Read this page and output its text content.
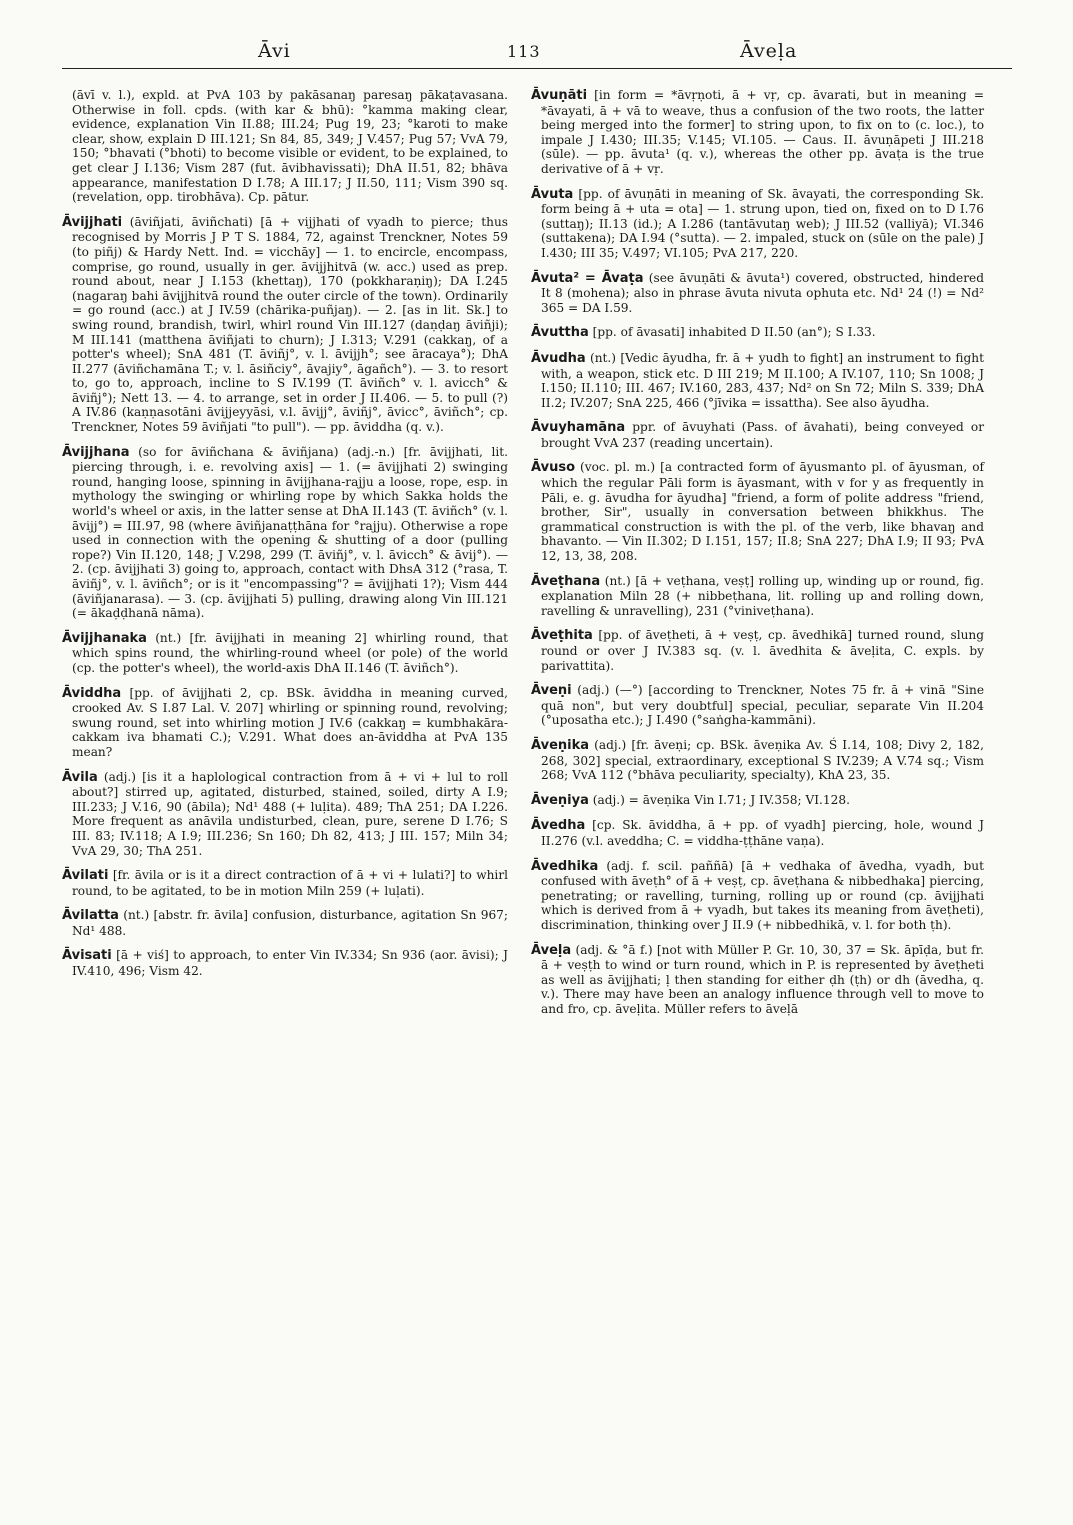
Āvi	113	Āveḷa

(āvī v. l.), expld. at PvA 103 by pakāsanaŋ paresaŋ pākaṭavasana. Otherwise in foll. cpds. (with kar & bhū): °kamma making clear, evidence, explanation Vin II.88; III.24; Pug 19, 23; °karoti to make clear, show, explain D III.121; Sn 84, 85, 349; J V.457; Pug 57; VvA 79, 150; °bhavati (°bhoti) to become visible or evident, to be explained, to get clear J I.136; Vism 287 (fut. āvibhavissati); DhA II.51, 82; bhāva appearance, manifestation D I.78; A III.17; J II.50, 111; Vism 390 sq. (revelation, opp. tirobhāva). Cp. pātur.

Āvijjhati (āviñjati, āviñchati) [ā + vijjhati of vyadh to pierce; thus recognised by Morris J P T S. 1884, 72, against Trenckner, Notes 59 (to piñj) & Hardy Nett. Ind. = vicchāy] — 1. to encircle, encompass, comprise, go round, usually in ger. āvijjhitvā (w. acc.) used as prep. round about, near J I.153 (khettaŋ), 170 (pokkharaṇiŋ); DA I.245 (nagaraŋ bahi āvijjhitvā round the outer circle of the town). Ordinarily = go round (acc.) at J IV.59 (chārika-puñjaŋ). — 2. [as in lit. Sk.] to swing round, brandish, twirl, whirl round Vin III.127 (daṇḍaŋ āviñji); M III.141 (matthena āviñjati to churn); J I.313; V.291 (cakkaŋ, of a potter's wheel); SnA 481 (T. āviñj°, v. l. āvijjh°; see āracaya°); DhA II.277 (āviñchamāna T.; v. l. āsiñciy°, āvajiy°, āgañch°). — 3. to resort to, go to, approach, incline to S IV.199 (T. āviñch° v. l. avicch° & āviñj°); Nett 13. — 4. to arrange, set in order J II.406. — 5. to pull (?) A IV.86 (kaṇṇasotāni āvijjeyyāsi, v.l. āvijj°, āviñj°, āvicc°, āviñch°; cp. Trenckner, Notes 59 āviñjati "to pull"). — pp. āviddha (q. v.).

Āvijjhana (so for āviñchana & āviñjana) (adj.-n.) [fr. āvijjhati, lit. piercing through, i. e. revolving axis] — 1. (= āvijjhati 2) swinging round, hanging loose, spinning in āvijjhana-rajju a loose, rope, esp. in mythology the swinging or whirling rope by which Sakka holds the world's wheel or axis, in the latter sense at DhA II.143 (T. āviñch° (v. l. āvijj°) = III.97, 98 (where āviñjanaṭṭhāna for °rajju). Otherwise a rope used in connection with the opening & shutting of a door (pulling rope?) Vin II.120, 148; J V.298, 299 (T. āviñj°, v. l. āvicch° & āvij°). — 2. (cp. āvijjhati 3) going to, approach, contact with DhsA 312 (°rasa, T. āviñj°, v. l. āviñch°; or is it "encompassing"? = āvijjhati 1?); Vism 444 (āviñjanarasa). — 3. (cp. āvijjhati 5) pulling, drawing along Vin III.121 (= ākaḍḍhanā nāma).

Āvijjhanaka (nt.) [fr. āvijjhati in meaning 2] whirling round, that which spins round, the whirling-round wheel (or pole) of the world (cp. the potter's wheel), the world-axis DhA II.146 (T. āviñch°).

Āviddha [pp. of āvijjhati 2, cp. BSk. āviddha in meaning curved, crooked Av. S I.87 Lal. V. 207] whirling or spinning round, revolving; swung round, set into whirling motion J IV.6 (cakkaŋ = kumbhakāra-cakkam iva bhamati C.); V.291. What does an-āviddha at PvA 135 mean?

Āvila (adj.) [is it a haplological contraction from ā + vi + lul to roll about?] stirred up, agitated, disturbed, stained, soiled, dirty A I.9; III.233; J V.16, 90 (ābila); Nd¹ 488 (+ luḷita). 489; ThA 251; DA I.226. More frequent as anāvila undisturbed, clean, pure, serene D I.76; S III. 83; IV.118; A I.9; III.236; Sn 160; Dh 82, 413; J III. 157; Miln 34; VvA 29, 30; ThA 251.

Āvilati [fr. āvila or is it a direct contraction of ā + vi + lulati?] to whirl round, to be agitated, to be in motion Miln 259 (+ luḷati).

Āvilatta (nt.) [abstr. fr. āvila] confusion, disturbance, agitation Sn 967; Nd¹ 488.

Āvisati [ā + viś] to approach, to enter Vin IV.334; Sn 936 (aor. āvisi); J IV.410, 496; Vism 42.

Āvuṇāti [in form = *āvṛṇoti, ā + vṛ, cp. āvarati, but in meaning = *āvayati, ā + vā to weave, thus a confusion of the two roots, the latter being merged into the former] to string upon, to fix on to (c. loc.), to impale J I.430; III.35; V.145; VI.105. — Caus. II. āvuṇāpeti J III.218 (sūle). — pp. āvuta¹ (q. v.), whereas the other pp. āvaṭa is the true derivative of ā + vṛ.

Āvuta [pp. of āvuṇāti in meaning of Sk. āvayati, the corresponding Sk. form being ā + uta = ota] — 1. strung upon, tied on, fixed on to D I.76 (suttaŋ); II.13 (id.); A I.286 (tantāvutaŋ web); J III.52 (valliyā); VI.346 (suttakena); DA I.94 (°sutta). — 2. impaled, stuck on (sūle on the pale) J I.430; III 35; V.497; VI.105; PvA 217, 220.

Āvuta² = Āvaṭa (see āvuṇāti & āvuta¹) covered, obstructed, hindered It 8 (mohena); also in phrase āvuta nivuta ophuta etc. Nd¹ 24 (!) = Nd² 365 = DA I.59.

Āvuttha [pp. of āvasati] inhabited D II.50 (an°); S I.33.

Āvudha (nt.) [Vedic āyudha, fr. ā + yudh to fight] an instrument to fight with, a weapon, stick etc. D III 219; M II.100; A IV.107, 110; Sn 1008; J I.150; II.110; III. 467; IV.160, 283, 437; Nd² on Sn 72; Miln S. 339; DhA II.2; IV.207; SnA 225, 466 (°jīvika = issattha). See also āyudha.

Āvuyhamāna ppr. of āvuyhati (Pass. of āvahati), being conveyed or brought VvA 237 (reading uncertain).

Āvuso (voc. pl. m.) [a contracted form of āyusmanto pl. of āyusman, of which the regular Pāli form is āyasmant, with v for y as frequently in Pāli, e. g. āvudha for āyudha] "friend, a form of polite address "friend, brother, Sir", usually in conversation between bhikkhus. The grammatical construction is with the pl. of the verb, like bhavaŋ and bhavanto. — Vin II.302; D I.151, 157; II.8; SnA 227; DhA I.9; II 93; PvA 12, 13, 38, 208.

Āveṭhana (nt.) [ā + veṭhana, veṣṭ] rolling up, winding up or round, fig. explanation Miln 28 (+ nibbeṭhana, lit. rolling up and rolling down, ravelling & unravelling), 231 (°viniveṭhana).

Āveṭhita [pp. of āveṭheti, ā + veṣṭ, cp. āvedhikā] turned round, slung round or over J IV.383 sq. (v. l. āvedhita & āveḷita, C. expls. by parivattita).

Āveṇi (adj.) (—°) [according to Trenckner, Notes 75 fr. ā + vinā "Sine quā non", but very doubtful] special, peculiar, separate Vin II.204 (°uposatha etc.); J I.490 (°saṅgha-kammāni).

Āveṇika (adj.) [fr. āveṇi; cp. BSk. āveṇika Av. Ś I.14, 108; Divy 2, 182, 268, 302] special, extraordinary, exceptional S IV.239; A V.74 sq.; Vism 268; VvA 112 (°bhāva peculiarity, specialty), KhA 23, 35.

Āveṇiya (adj.) = āveṇika Vin I.71; J IV.358; VI.128.

Āvedha [cp. Sk. āviddha, ā + pp. of vyadh] piercing, hole, wound J II.276 (v.l. aveddha; C. = viddha-ṭṭhāne vaṇa).

Āvedhika (adj. f. scil. paññā) [ā + vedhaka of āvedha, vyadh, but confused with āveṭh° of ā + veṣṭ, cp. āveṭhana & nibbedhaka] piercing, penetrating; or ravelling, turning, rolling up or round (cp. āvijjhati which is derived from ā + vyadh, but takes its meaning from āveṭheti), discrimination, thinking over J II.9 (+ nibbedhikā, v. l. for both ṭh).

Āveḷa (adj. & °ā f.) [not with Müller P. Gr. 10, 30, 37 = Sk. āpīḍa, but fr. ā + veṣṭh to wind or turn round, which in P. is represented by āveṭheti as well as āvijjhati; ḷ then standing for either ḍh (ṭh) or dh (āvedha, q. v.). There may have been an analogy influence through vell to move to and fro, cp. āveḷita. Müller refers to āveḷā
